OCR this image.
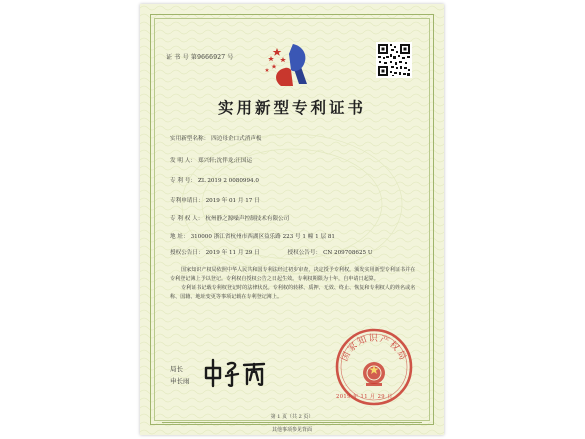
证 书 号 第9666927 号
实用新型专利证书
实用新型名称： 四边母企口式消声板
发 明 人： 郑兴轩;沈伴龙;汪国运
专 利 号： ZL 2019 2 0080994.0
专利申请日： 2019 年 01 月 17 日
专 利 权 人： 杭州静之源噪声控制技术有限公司
地 址： 310000 浙江省杭州市西湖区益乐路 223 号 1 幢 1 层 81
授权公告日： 2019 年 11 月 29 日	授权公告号： CN 209708625 U

国家知识产权局依照中华人民共和国专利法经过初步审查，决定授予专利权，颁发实用新型专利证书并在专利登记簿上予以登记。专利权自授权公告之日起生效。专利权期限为十年，自申请日起算。

专利证书记载专利权登记时的法律状况。专利权的转移、质押、无效、终止、恢复和专利权人的姓名或名称、国籍、地址变更等事项记载在专利登记簿上。

局长
申长雨
国家知识产权局
2019 年 11 月 29 日
第 1 页（共 2 页）
其他事项参见背面
